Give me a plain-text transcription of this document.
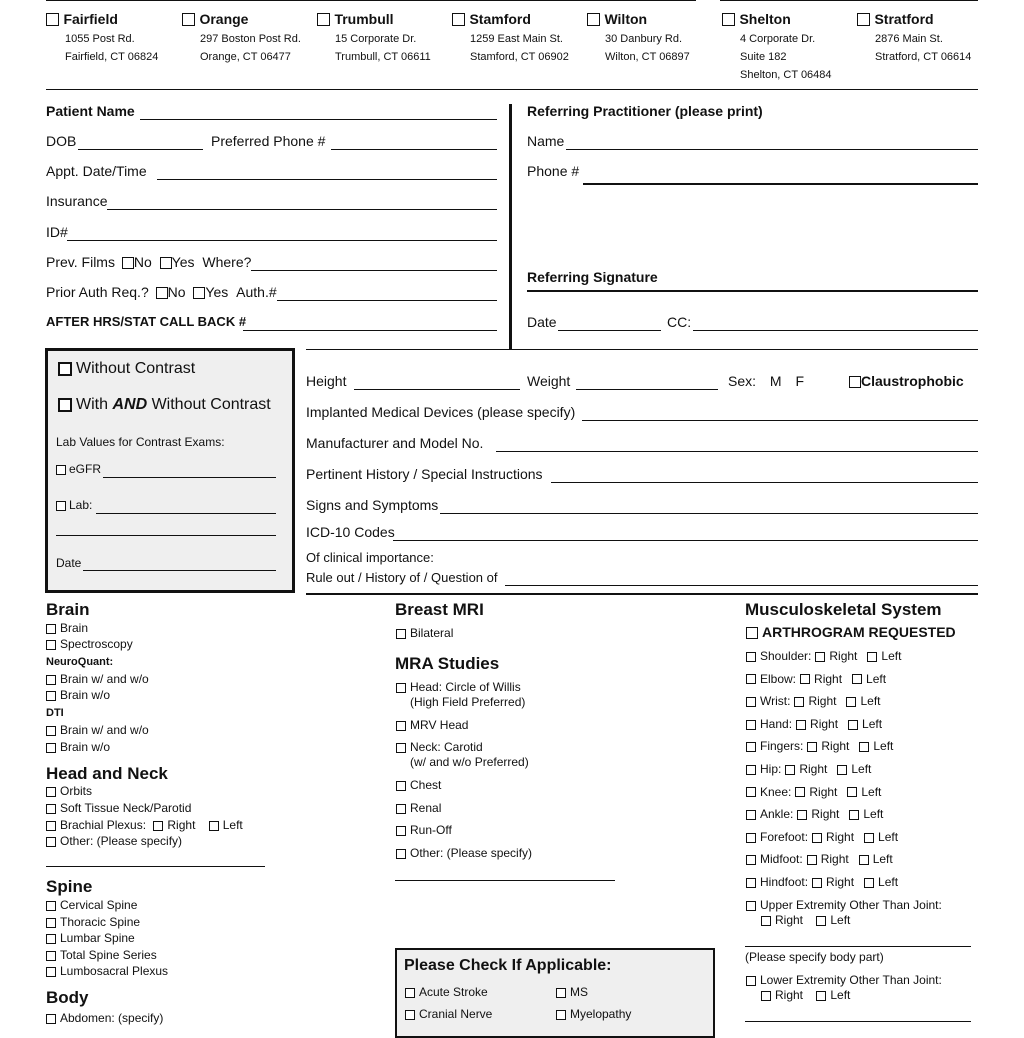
Fairfield
1055 Post Rd.
Fairfield, CT 06824
Orange
297 Boston Post Rd.
Orange, CT 06477
Trumbull
15 Corporate Dr.
Trumbull, CT 06611
Stamford
1259 East Main St.
Stamford, CT 06902
Wilton
30 Danbury Rd.
Wilton, CT 06897
Shelton
4 Corporate Dr.
Suite 182
Shelton, CT 06484
Stratford
2876 Main St.
Stratford, CT 06614
Patient Name
DOB	Preferred Phone #
Appt. Date/Time
Insurance
ID#
Prev. Films No Yes Where?
Prior Auth Req.? No Yes Auth.#
AFTER HRS/STAT CALL BACK #
Referring Practitioner (please print)
Name
Phone #
Referring Signature
Date	CC:
Without Contrast
With AND Without Contrast
Lab Values for Contrast Exams:
eGFR
Lab:
Date
Height	Weight	Sex: M F	Claustrophobic
Implanted Medical Devices (please specify)
Manufacturer and Model No.
Pertinent History / Special Instructions
Signs and Symptoms
ICD-10 Codes
Of clinical importance:
Rule out / History of / Question of
Brain
Brain
Spectroscopy
NeuroQuant:
Brain w/ and w/o
Brain w/o
DTI
Brain w/ and w/o
Brain w/o
Head and Neck
Orbits
Soft Tissue Neck/Parotid
Brachial Plexus: Right Left
Other: (Please specify)
Spine
Cervical Spine
Thoracic Spine
Lumbar Spine
Total Spine Series
Lumbosacral Plexus
Body
Abdomen: (specify)
Breast MRI
Bilateral
MRA Studies
Head: Circle of Willis
(High Field Preferred)
MRV Head
Neck: Carotid
(w/ and w/o Preferred)
Chest
Renal
Run-Off
Other: (Please specify)
Please Check If Applicable:
Acute Stroke	MS
Cranial Nerve	Myelopathy
Musculoskeletal System
ARTHROGRAM REQUESTED
Shoulder: Right Left
Elbow: Right Left
Wrist: Right Left
Hand: Right Left
Fingers: Right Left
Hip: Right Left
Knee: Right Left
Ankle: Right Left
Forefoot: Right Left
Midfoot: Right Left
Hindfoot: Right Left
Upper Extremity Other Than Joint:
Right Left
(Please specify body part)
Lower Extremity Other Than Joint:
Right Left
